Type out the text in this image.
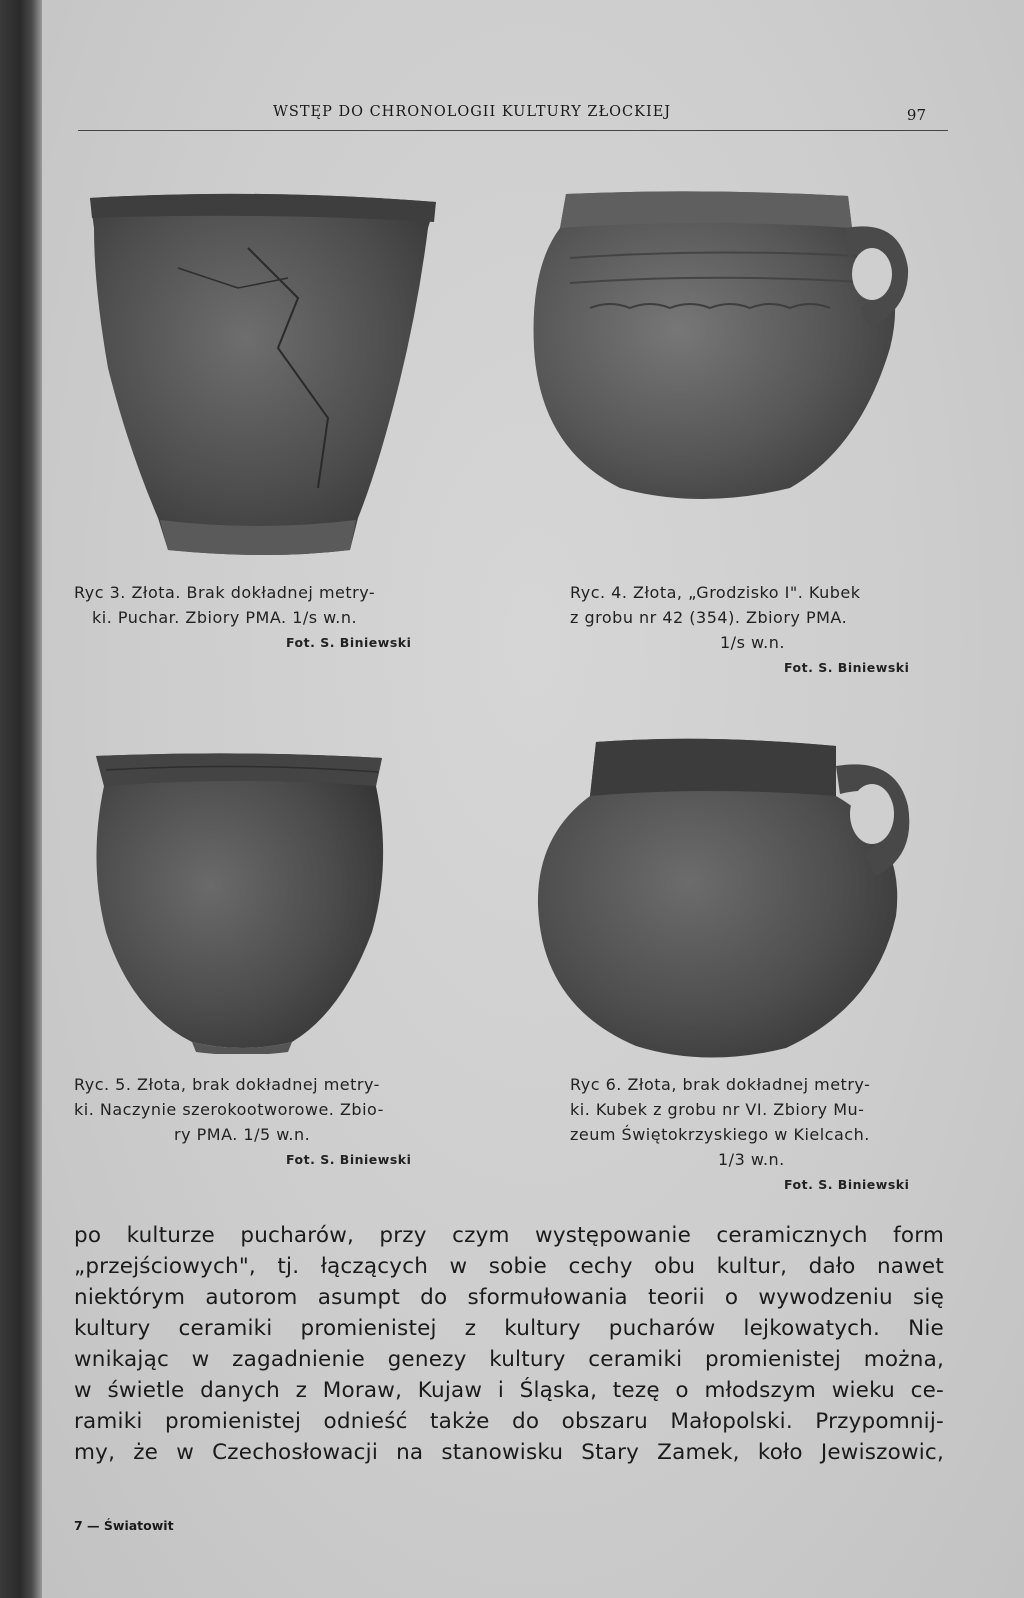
WSTĘP DO CHRONOLOGII KULTURY ZŁOCKIEJ	97
Ryc 3. Złota. Brak dokładnej metry-
ki. Puchar. Zbiory PMA. 1/s w.n.
Fot. S. Biniewski
Ryc. 4. Złota, „Grodzisko I". Kubek
z grobu nr 42 (354). Zbiory PMA.
1/s w.n.
Fot. S. Biniewski
Ryc. 5. Złota, brak dokładnej metry-
ki. Naczynie szerokootworowe. Zbio-
ry PMA. 1/5 w.n.
Fot. S. Biniewski
Ryc 6. Złota, brak dokładnej metry-
ki. Kubek z grobu nr VI. Zbiory Mu-
zeum Świętokrzyskiego w Kielcach.
1/3 w.n.
Fot. S. Biniewski
po kulturze pucharów, przy czym występowanie ceramicznych form
„przejściowych", tj. łączących w sobie cechy obu kultur, dało nawet
niektórym autorom asumpt do sformułowania teorii o wywodzeniu się
kultury ceramiki promienistej z kultury pucharów lejkowatych. Nie
wnikając w zagadnienie genezy kultury ceramiki promienistej można,
w świetle danych z Moraw, Kujaw i Śląska, tezę o młodszym wieku ce-
ramiki promienistej odnieść także do obszaru Małopolski. Przypomnij-
my, że w Czechosłowacji na stanowisku Stary Zamek, koło Jewiszowic,
7 — Światowit
